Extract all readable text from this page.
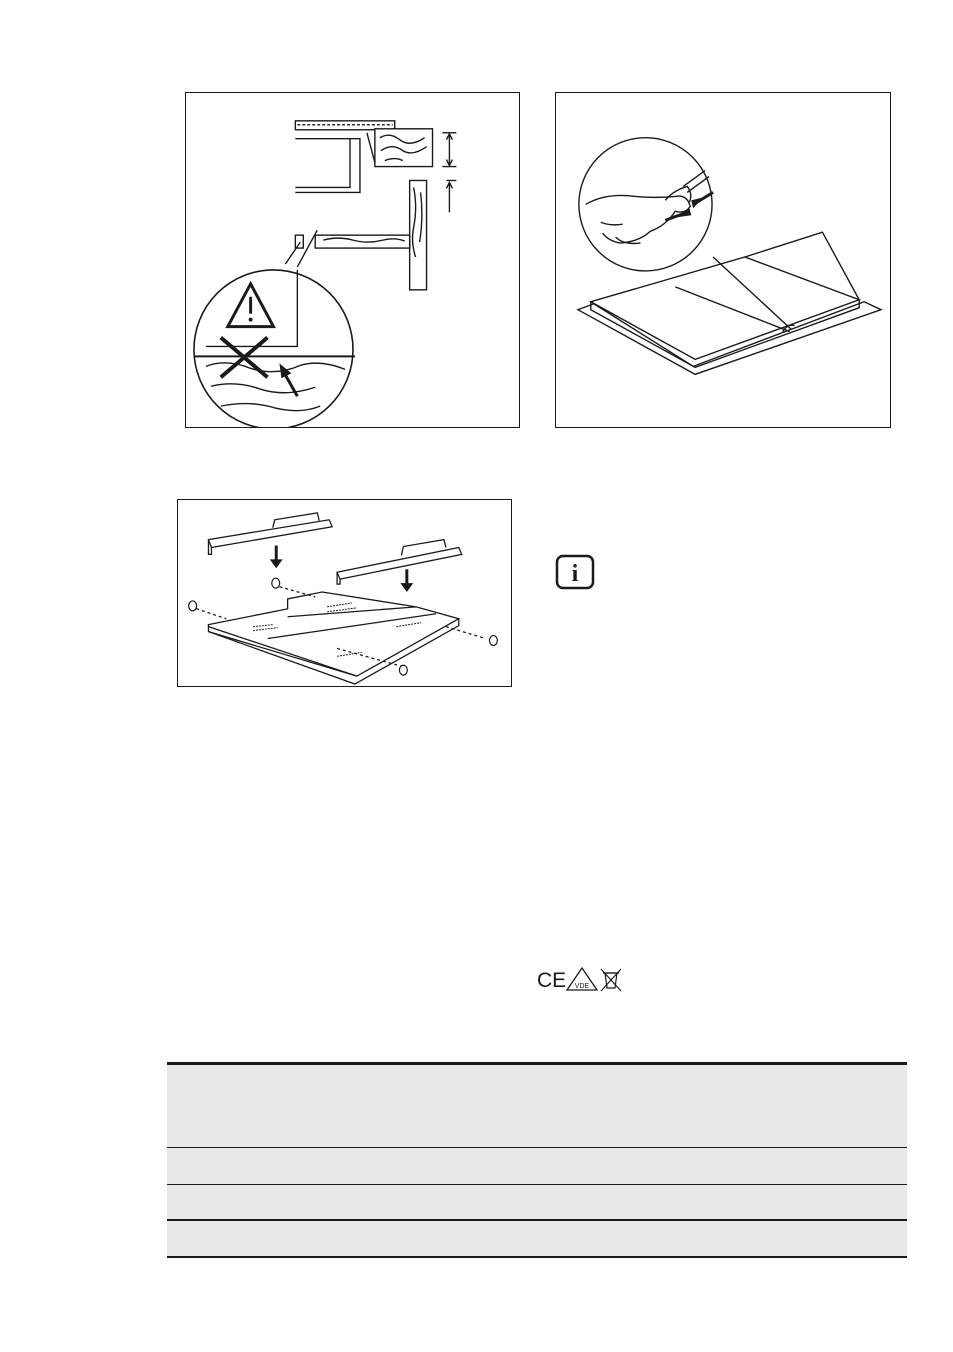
i
CE VDE
